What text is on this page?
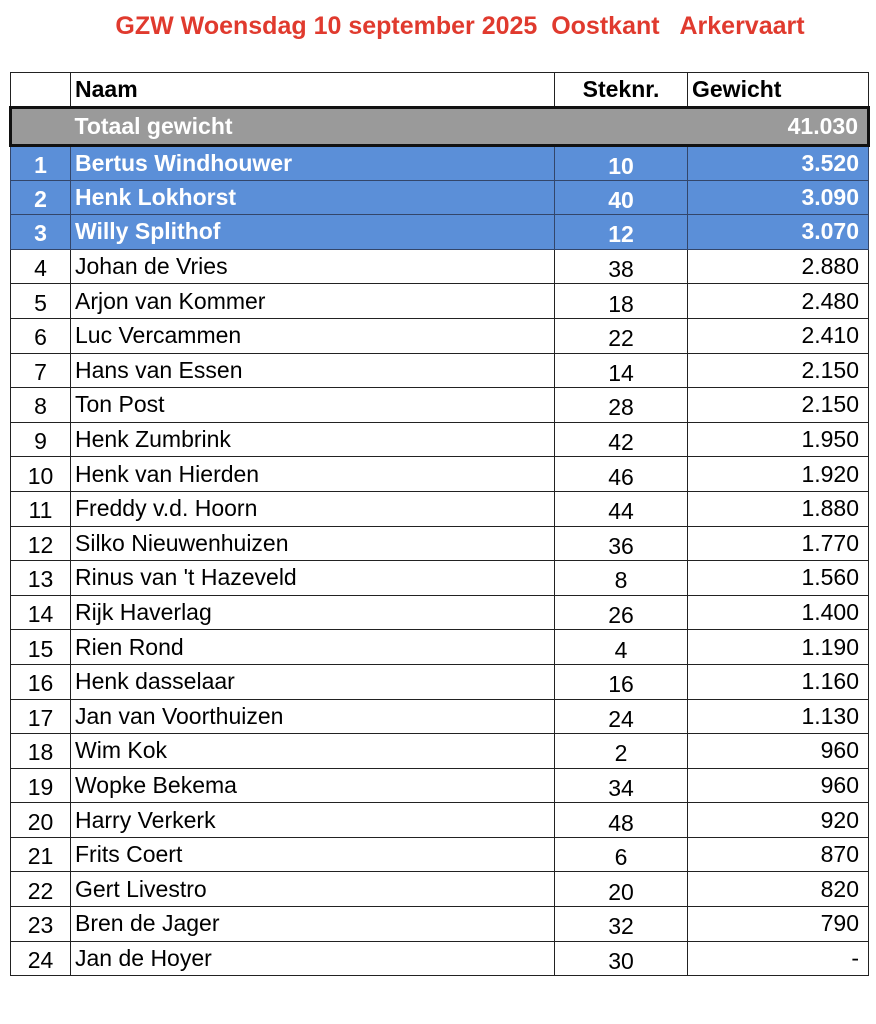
GZW Woensdag 10 september 2025  Oostkant   Arkervaart
	Naam	Steknr.	Gewicht
	Totaal gewicht		41.030
1	Bertus Windhouwer	10	3.520
2	Henk Lokhorst	40	3.090
3	Willy Splithof	12	3.070
4	Johan de Vries	38	2.880
5	Arjon van Kommer	18	2.480
6	Luc Vercammen	22	2.410
7	Hans van Essen	14	2.150
8	Ton Post	28	2.150
9	Henk Zumbrink	42	1.950
10	Henk van Hierden	46	1.920
11	Freddy v.d. Hoorn	44	1.880
12	Silko Nieuwenhuizen	36	1.770
13	Rinus van 't Hazeveld	8	1.560
14	Rijk Haverlag	26	1.400
15	Rien Rond	4	1.190
16	Henk dasselaar	16	1.160
17	Jan van Voorthuizen	24	1.130
18	Wim Kok	2	960
19	Wopke Bekema	34	960
20	Harry Verkerk	48	920
21	Frits Coert	6	870
22	Gert Livestro	20	820
23	Bren de Jager	32	790
24	Jan de Hoyer	30	-
